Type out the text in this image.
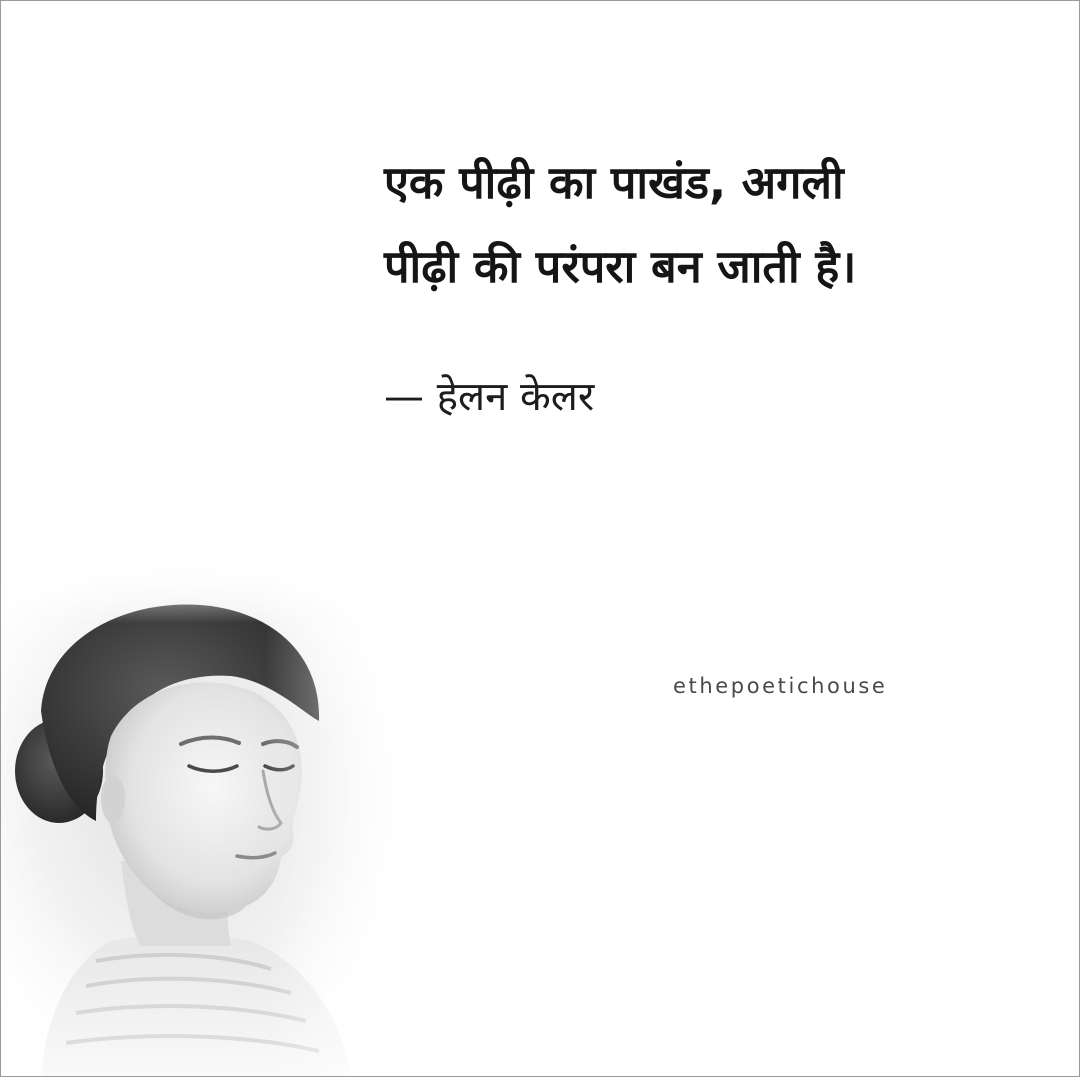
एक पीढ़ी का पाखंड, अगली
पीढ़ी की परंपरा बन जाती है।
— हेलन केलर
ethepoetichouse
